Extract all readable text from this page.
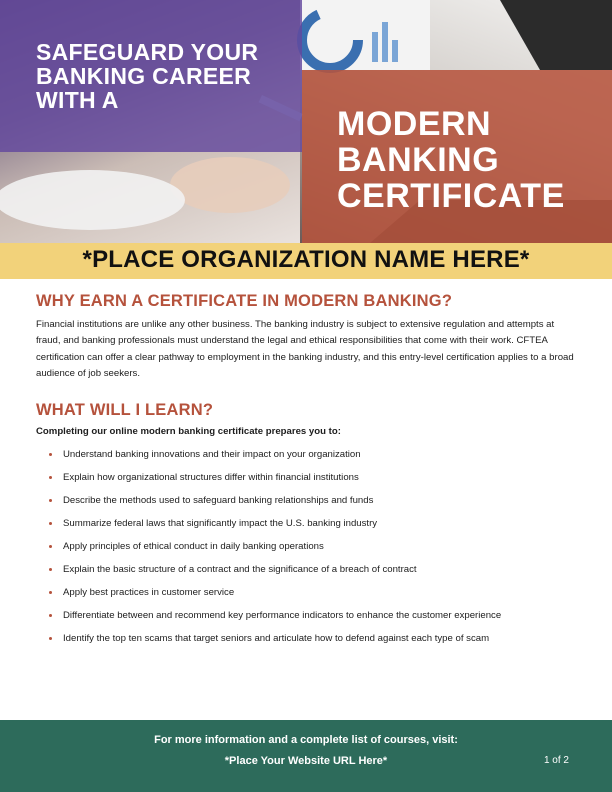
SAFEGUARD YOUR BANKING CAREER WITH A
MODERN BANKING CERTIFICATE
*PLACE ORGANIZATION NAME HERE*
WHY EARN A CERTIFICATE IN MODERN BANKING?

Financial institutions are unlike any other business. The banking industry is subject to extensive regulation and attempts at fraud, and banking professionals must understand the legal and ethical responsibilities that come with their work. CFTEA certification can offer a clear pathway to employment in the banking industry, and this entry-level certification applies to a broad audience of job seekers.

WHAT WILL I LEARN?

Completing our online modern banking certificate prepares you to:

Understand banking innovations and their impact on your organization
Explain how organizational structures differ within financial institutions
Describe the methods used to safeguard banking relationships and funds
Summarize federal laws that significantly impact the U.S. banking industry
Apply principles of ethical conduct in daily banking operations
Explain the basic structure of a contract and the significance of a breach of contract
Apply best practices in customer service
Differentiate between and recommend key performance indicators to enhance the customer experience
Identify the top ten scams that target seniors and articulate how to defend against each type of scam
For more information and a complete list of courses, visit:
*Place Your Website URL Here*	1 of 2
